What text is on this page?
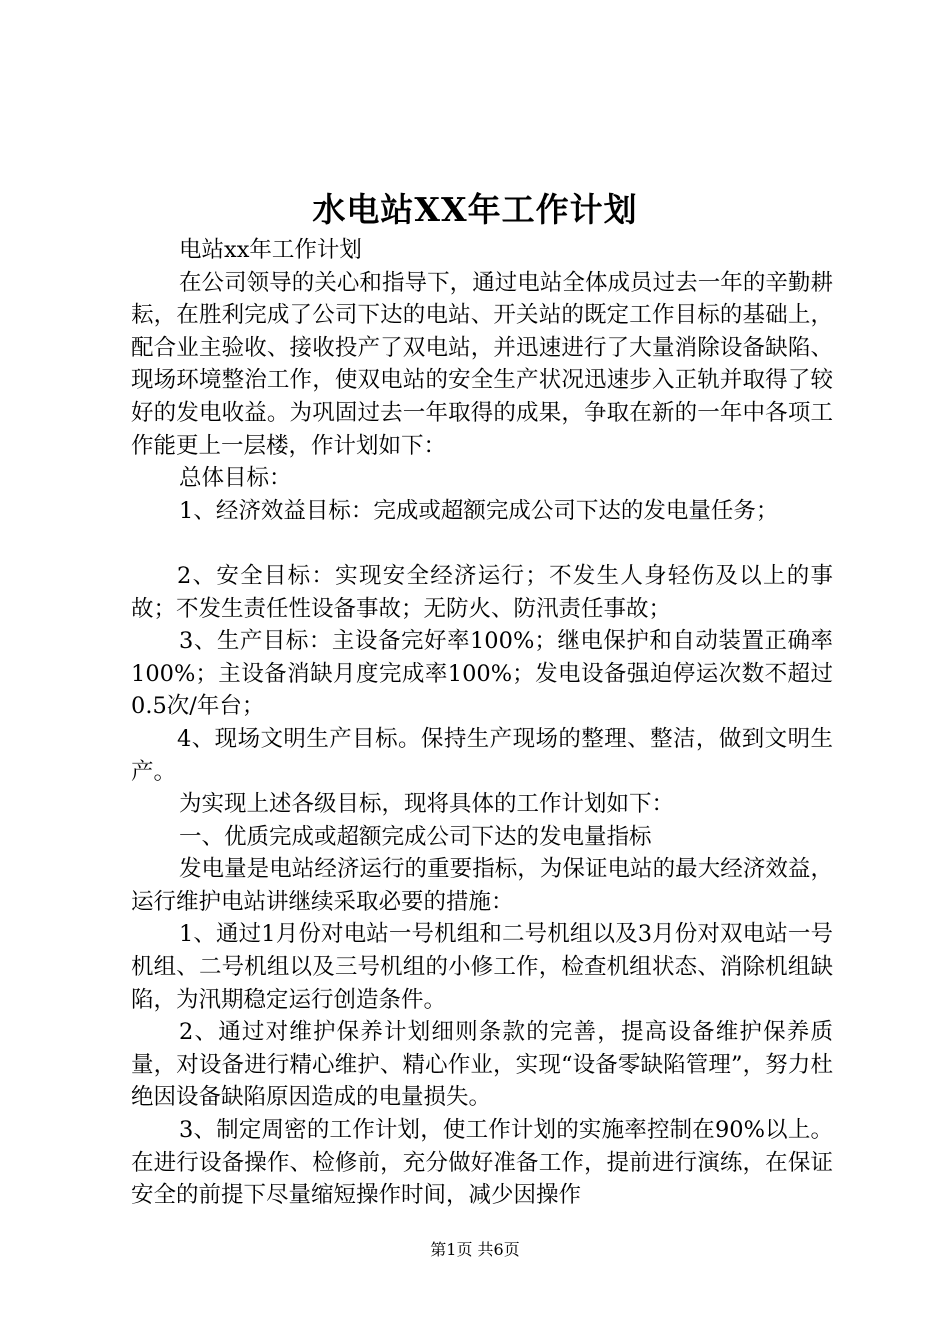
水电站XX年工作计划

电站xx年工作计划

在公司领导的关心和指导下，通过电站全体成员过去一年的辛勤耕耘，在胜利完成了公司下达的电站、开关站的既定工作目标的基础上，配合业主验收、接收投产了双电站，并迅速进行了大量消除设备缺陷、现场环境整治工作，使双电站的安全生产状况迅速步入正轨并取得了较好的发电收益。为巩固过去一年取得的成果，争取在新的一年中各项工作能更上一层楼，作计划如下：

总体目标：

1、经济效益目标：完成或超额完成公司下达的发电量任务；

2、安全目标：实现安全经济运行；不发生人身轻伤及以上的事故；不发生责任性设备事故；无防火、防汛责任事故；

3、生产目标：主设备完好率100%；继电保护和自动装置正确率100%；主设备消缺月度完成率100%；发电设备强迫停运次数不超过0.5次/年台；

4、现场文明生产目标。保持生产现场的整理、整洁，做到文明生产。

为实现上述各级目标，现将具体的工作计划如下：

一、优质完成或超额完成公司下达的发电量指标

发电量是电站经济运行的重要指标，为保证电站的最大经济效益，运行维护电站讲继续采取必要的措施：

1、通过1月份对电站一号机组和二号机组以及3月份对双电站一号机组、二号机组以及三号机组的小修工作，检查机组状态、消除机组缺陷，为汛期稳定运行创造条件。

2、通过对维护保养计划细则条款的完善，提高设备维护保养质量，对设备进行精心维护、精心作业，实现“设备零缺陷管理”，努力杜绝因设备缺陷原因造成的电量损失。

3、制定周密的工作计划，使工作计划的实施率控制在90%以上。在进行设备操作、检修前，充分做好准备工作，提前进行演练，在保证安全的前提下尽量缩短操作时间，减少因操作

第1页 共6页
